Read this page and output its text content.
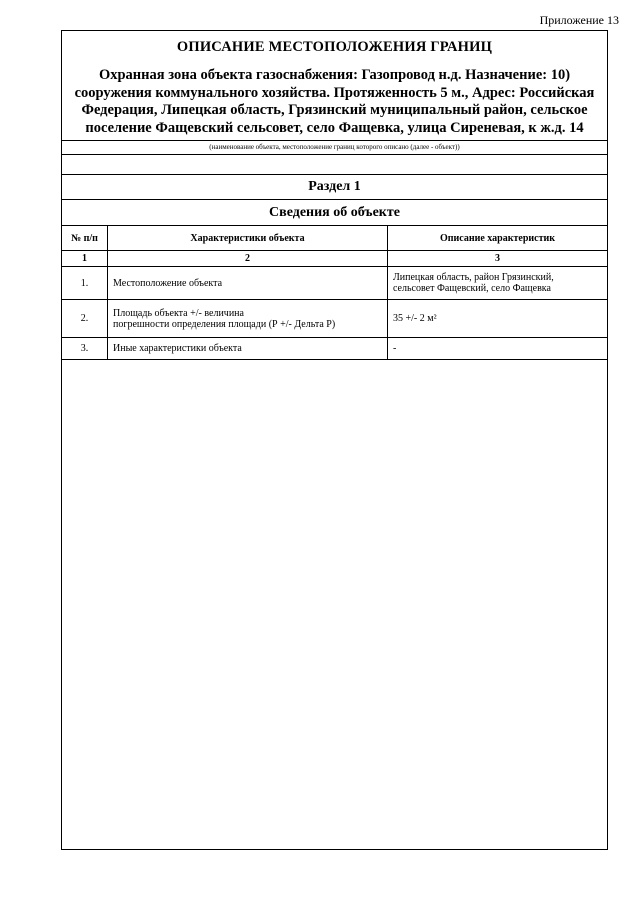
Приложение 13
ОПИСАНИЕ МЕСТОПОЛОЖЕНИЯ ГРАНИЦ
Охранная зона объекта газоснабжения: Газопровод н.д. Назначение: 10) сооружения коммунального хозяйства. Протяженность 5 м., Адрес: Российская Федерация, Липецкая область, Грязинский муниципальный район, сельское поселение Фащевский сельсовет, село Фащевка, улица Сиреневая, к ж.д. 14
(наименование объекта, местоположение границ которого описано (далее - объект))
Раздел 1
Сведения об объекте
№ п/п	Характеристики объекта	Описание характеристик
1	2	3
1.	Местоположение объекта	Липецкая область, район Грязинский,
сельсовет Фащевский, село Фащевка

2.	Площадь объекта +/- величина
погрешности определения площади (Р +/- Дельта Р)	35 +/- 2 м²

3.	Иные характеристики объекта	-
